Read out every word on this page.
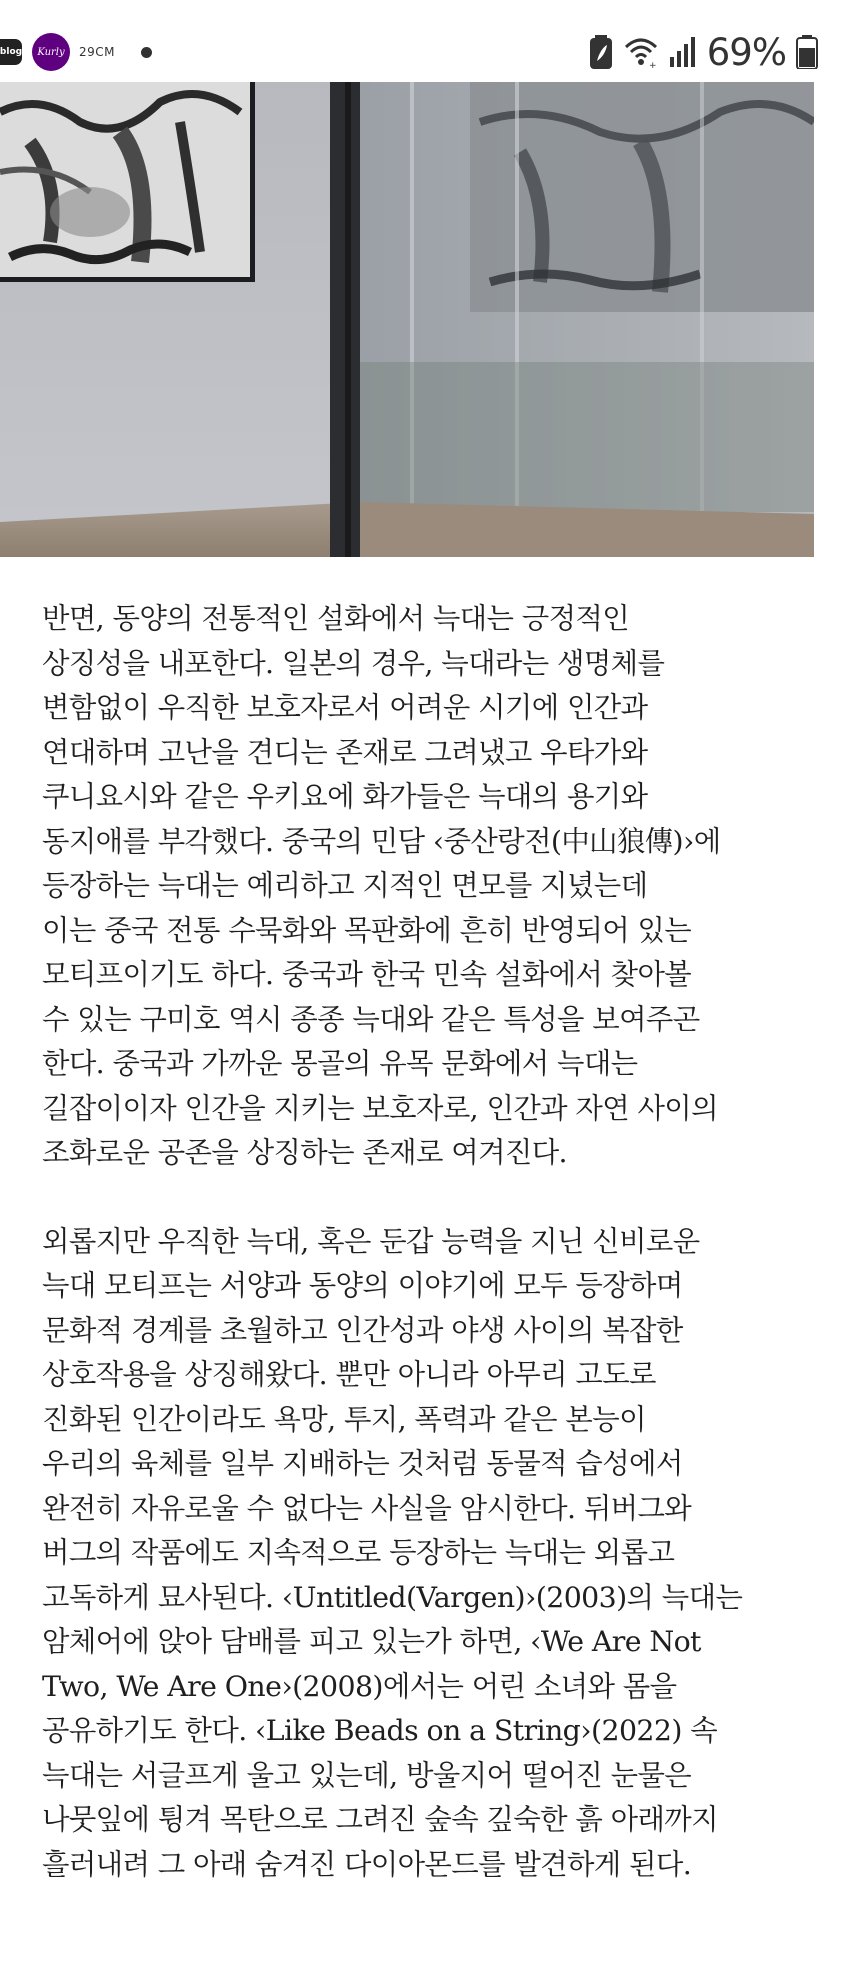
blog Kurly 29CM
+ 69%

반면, 동양의 전통적인 설화에서 늑대는 긍정적인

상징성을 내포한다. 일본의 경우, 늑대라는 생명체를

변함없이 우직한 보호자로서 어려운 시기에 인간과

연대하며 고난을 견디는 존재로 그려냈고 우타가와

쿠니요시와 같은 우키요에 화가들은 늑대의 용기와

동지애를 부각했다. 중국의 민담 ‹중산랑전(中山狼傳)›에

등장하는 늑대는 예리하고 지적인 면모를 지녔는데

이는 중국 전통 수묵화와 목판화에 흔히 반영되어 있는

모티프이기도 하다. 중국과 한국 민속 설화에서 찾아볼

수 있는 구미호 역시 종종 늑대와 같은 특성을 보여주곤

한다. 중국과 가까운 몽골의 유목 문화에서 늑대는

길잡이이자 인간을 지키는 보호자로, 인간과 자연 사이의

조화로운 공존을 상징하는 존재로 여겨진다.

외롭지만 우직한 늑대, 혹은 둔갑 능력을 지닌 신비로운

늑대 모티프는 서양과 동양의 이야기에 모두 등장하며

문화적 경계를 초월하고 인간성과 야생 사이의 복잡한

상호작용을 상징해왔다. 뿐만 아니라 아무리 고도로

진화된 인간이라도 욕망, 투지, 폭력과 같은 본능이

우리의 육체를 일부 지배하는 것처럼 동물적 습성에서

완전히 자유로울 수 없다는 사실을 암시한다. 뒤버그와

버그의 작품에도 지속적으로 등장하는 늑대는 외롭고

고독하게 묘사된다. ‹Untitled(Vargen)›(2003)의 늑대는

암체어에 앉아 담배를 피고 있는가 하면, ‹We Are Not

Two, We Are One›(2008)에서는 어린 소녀와 몸을

공유하기도 한다. ‹Like Beads on a String›(2022) 속

늑대는 서글프게 울고 있는데, 방울지어 떨어진 눈물은

나뭇잎에 튕겨 목탄으로 그려진 숲속 깊숙한 흙 아래까지

흘러내려 그 아래 숨겨진 다이아몬드를 발견하게 된다.
